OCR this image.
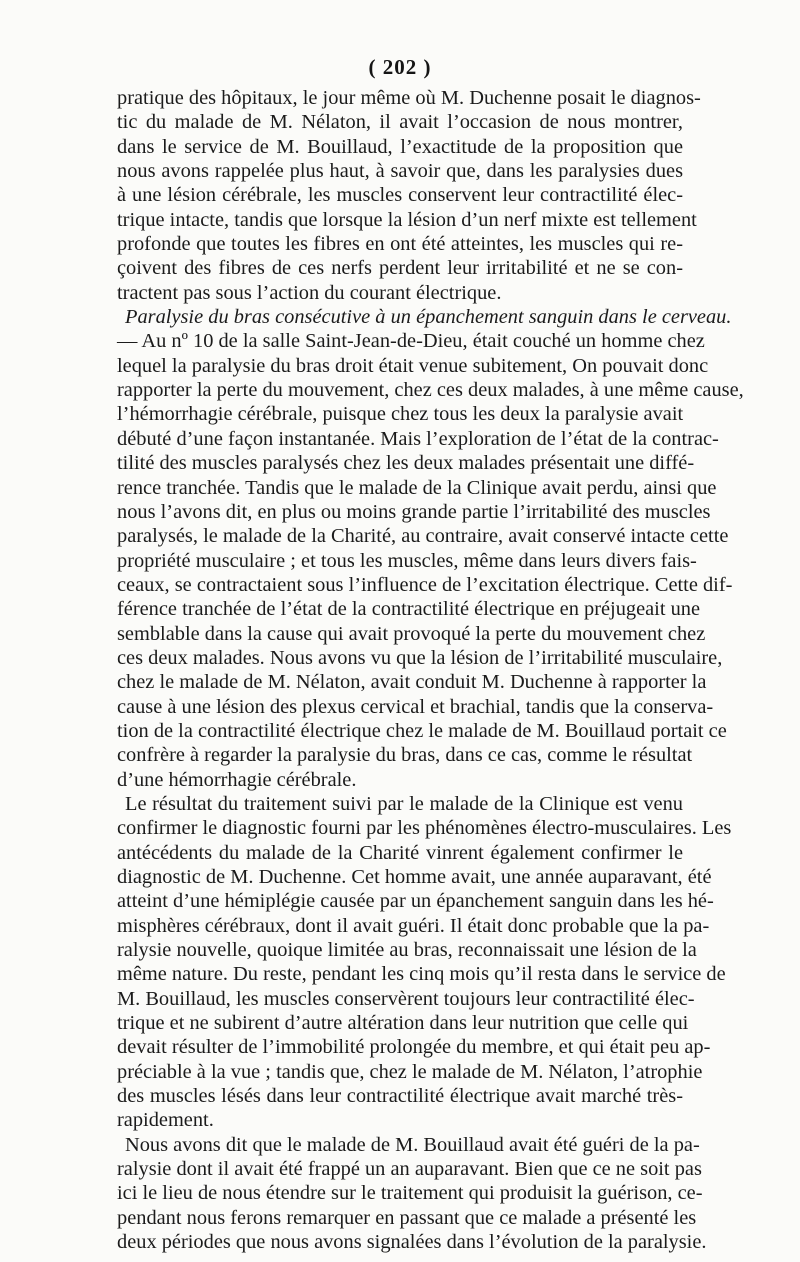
( 202 )
pratique des hôpitaux, le jour même où M. Duchenne posait le diagnos-
tic du malade de M. Nélaton, il avait l’occasion de nous montrer,
dans le service de M. Bouillaud, l’exactitude de la proposition que
nous avons rappelée plus haut, à savoir que, dans les paralysies dues
à une lésion cérébrale, les muscles conservent leur contractilité élec-
trique intacte, tandis que lorsque la lésion d’un nerf mixte est tellement
profonde que toutes les fibres en ont été atteintes, les muscles qui re-
çoivent des fibres de ces nerfs perdent leur irritabilité et ne se con-
tractent pas sous l’action du courant électrique.
Paralysie du bras consécutive à un épanchement sanguin dans le cerveau.
— Au nº 10 de la salle Saint-Jean-de-Dieu, était couché un homme chez
lequel la paralysie du bras droit était venue subitement, On pouvait donc
rapporter la perte du mouvement, chez ces deux malades, à une même cause,
l’hémorrhagie cérébrale, puisque chez tous les deux la paralysie avait
débuté d’une façon instantanée. Mais l’exploration de l’état de la contrac-
tilité des muscles paralysés chez les deux malades présentait une diffé-
rence tranchée. Tandis que le malade de la Clinique avait perdu, ainsi que
nous l’avons dit, en plus ou moins grande partie l’irritabilité des muscles
paralysés, le malade de la Charité, au contraire, avait conservé intacte cette
propriété musculaire ; et tous les muscles, même dans leurs divers fais-
ceaux, se contractaient sous l’influence de l’excitation électrique. Cette dif-
férence tranchée de l’état de la contractilité électrique en préjugeait une
semblable dans la cause qui avait provoqué la perte du mouvement chez
ces deux malades. Nous avons vu que la lésion de l’irritabilité musculaire,
chez le malade de M. Nélaton, avait conduit M. Duchenne à rapporter la
cause à une lésion des plexus cervical et brachial, tandis que la conserva-
tion de la contractilité électrique chez le malade de M. Bouillaud portait ce
confrère à regarder la paralysie du bras, dans ce cas, comme le résultat
d’une hémorrhagie cérébrale.
Le résultat du traitement suivi par le malade de la Clinique est venu
confirmer le diagnostic fourni par les phénomènes électro-musculaires. Les
antécédents du malade de la Charité vinrent également confirmer le
diagnostic de M. Duchenne. Cet homme avait, une année auparavant, été
atteint d’une hémiplégie causée par un épanchement sanguin dans les hé-
misphères cérébraux, dont il avait guéri. Il était donc probable que la pa-
ralysie nouvelle, quoique limitée au bras, reconnaissait une lésion de la
même nature. Du reste, pendant les cinq mois qu’il resta dans le service de
M. Bouillaud, les muscles conservèrent toujours leur contractilité élec-
trique et ne subirent d’autre altération dans leur nutrition que celle qui
devait résulter de l’immobilité prolongée du membre, et qui était peu ap-
préciable à la vue ; tandis que, chez le malade de M. Nélaton, l’atrophie
des muscles lésés dans leur contractilité électrique avait marché très-
rapidement.
Nous avons dit que le malade de M. Bouillaud avait été guéri de la pa-
ralysie dont il avait été frappé un an auparavant. Bien que ce ne soit pas
ici le lieu de nous étendre sur le traitement qui produisit la guérison, ce-
pendant nous ferons remarquer en passant que ce malade a présenté les
deux périodes que nous avons signalées dans l’évolution de la paralysie.
